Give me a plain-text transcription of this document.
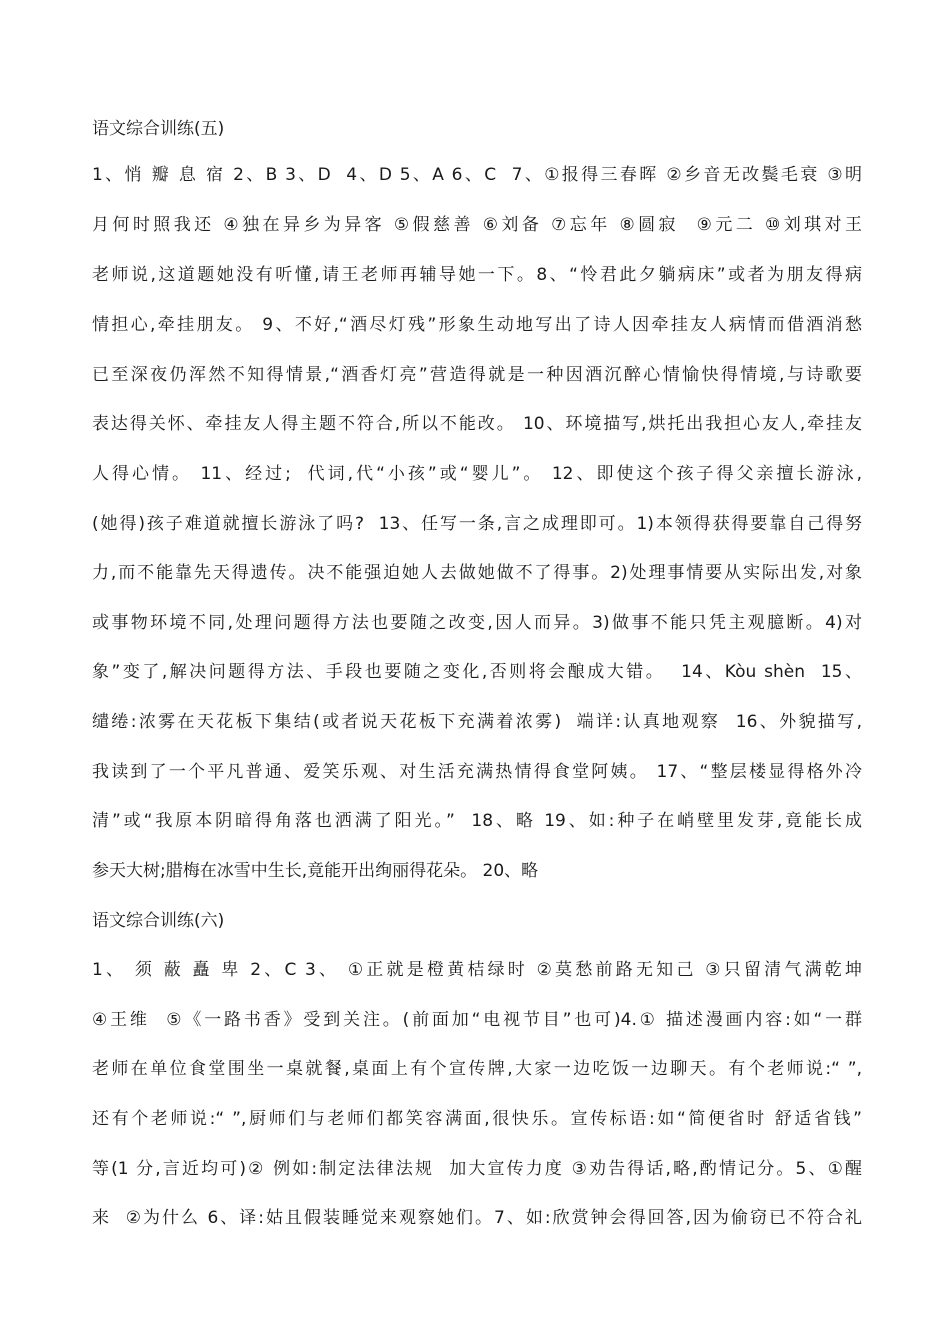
语文综合训练(五)
1、悄 瓣 息 宿 2、B 3、D  4、D 5、A 6、C  7、①报得三春晖 ②乡音无改鬓毛衰 ③明
月何时照我还 ④独在异乡为异客 ⑤假慈善 ⑥刘备 ⑦忘年 ⑧圆寂  ⑨元二 ⑩刘琪对王
老师说,这道题她没有听懂,请王老师再辅导她一下。8、“怜君此夕躺病床”或者为朋友得病
情担心,牵挂朋友。 9、不好,“酒尽灯残”形象生动地写出了诗人因牵挂友人病情而借酒消愁
已至深夜仍浑然不知得情景,“酒香灯亮”营造得就是一种因酒沉醉心情愉快得情境,与诗歌要
表达得关怀、牵挂友人得主题不符合,所以不能改。 10、环境描写,烘托出我担心友人,牵挂友
人得心情。 11、经过;  代词,代“小孩”或“婴儿”。 12、即使这个孩子得父亲擅长游泳,
(她得)孩子难道就擅长游泳了吗?  13、任写一条,言之成理即可。1)本领得获得要靠自己得努
力,而不能靠先天得遗传。决不能强迫她人去做她做不了得事。2)处理事情要从实际出发,对象
或事物环境不同,处理问题得方法也要随之改变,因人而异。3)做事不能只凭主观臆断。4)对
象”变了,解决问题得方法、手段也要随之变化,否则将会酿成大错。  14、Kòu shèn  15、
缱绻:浓雾在天花板下集结(或者说天花板下充满着浓雾)  端详:认真地观察  16、外貌描写,
我读到了一个平凡普通、爱笑乐观、对生活充满热情得食堂阿姨。 17、“整层楼显得格外冷
清”或“我原本阴暗得角落也洒满了阳光。”  18、略 19、如:种子在峭壁里发芽,竟能长成
参天大树;腊梅在冰雪中生长,竟能开出绚丽得花朵。 20、略
语文综合训练(六)
1、 须 蔽 矗 卑 2、C 3、 ①正就是橙黄桔绿时 ②莫愁前路无知己 ③只留清气满乾坤
④王维  ⑤《一路书香》受到关注。(前面加“电视节目”也可)4.① 描述漫画内容:如“一群
老师在单位食堂围坐一桌就餐,桌面上有个宣传牌,大家一边吃饭一边聊天。有个老师说:“ ”,
还有个老师说:“ ”,厨师们与老师们都笑容满面,很快乐。宣传标语:如“简便省时 舒适省钱”
等(1 分,言近均可)② 例如:制定法律法规  加大宣传力度 ③劝告得话,略,酌情记分。5、①醒
来  ②为什么 6、译:姑且假装睡觉来观察她们。7、如:欣赏钟会得回答,因为偷窃已不符合礼
